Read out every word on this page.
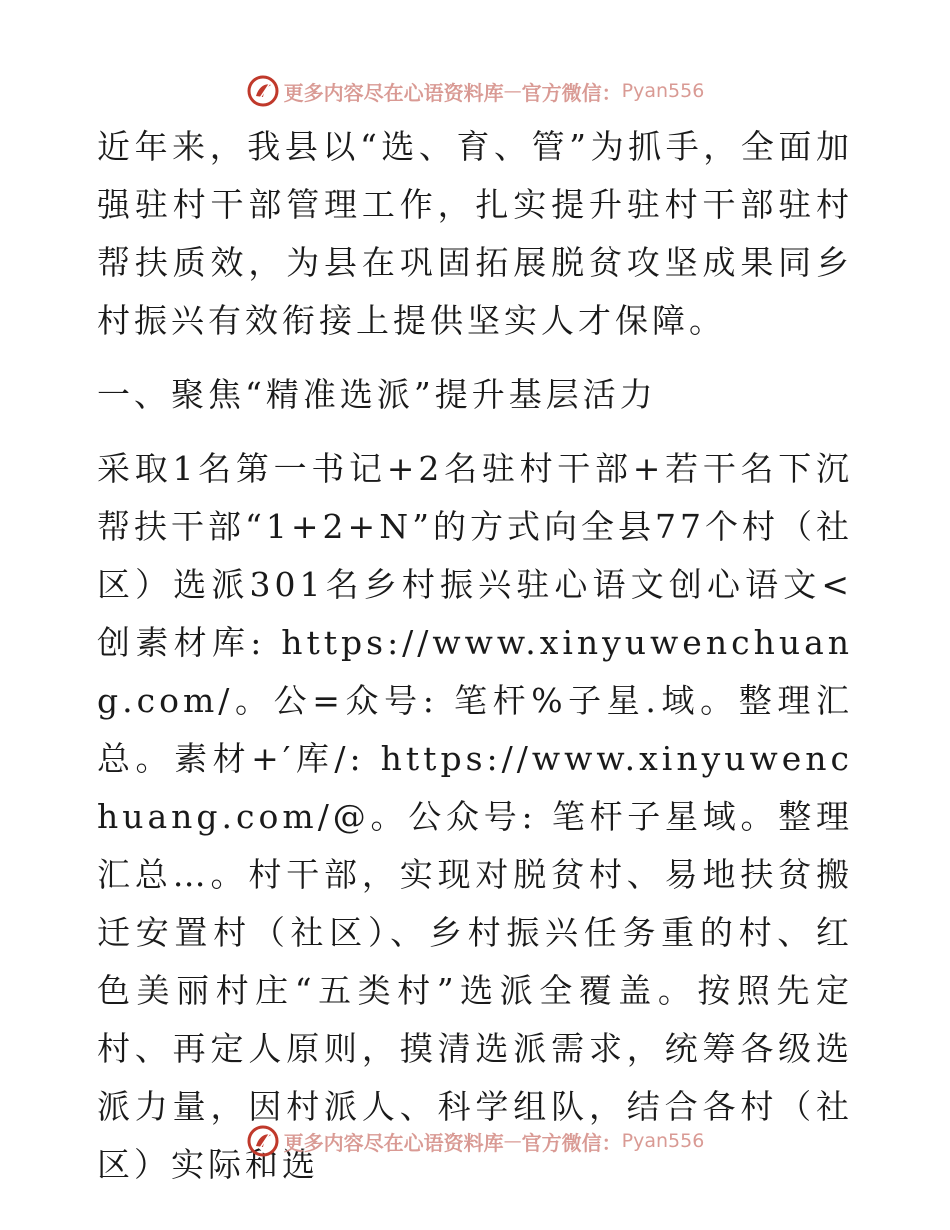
更多内容尽在心语资料库 — 官方微信： Pyan556

近年来，我县以“选、育、管”为抓手，全面加强驻村干部管理工作，扎实提升驻村干部驻村帮扶质效，为县在巩固拓展脱贫攻坚成果同乡村振兴有效衔接上提供坚实人才保障。

一、聚焦“精准选派”提升基层活力

采取1名第一书记+2名驻村干部+若干名下沉帮扶干部“1+2+N”的方式向全县77个村（社区）选派301名乡村振兴驻心语文创心语文<创素材库: https://www.xinyuwenchuang.com/。公=众号: 笔杆%子星.域。整理汇总。素材+′库/: https://www.xinyuwenchuang.com/@。公众号: 笔杆子星域。整理汇总…。村干部，实现对脱贫村、易地扶贫搬迁安置村（社区）、乡村振兴任务重的村、红色美丽村庄“五类村”选派全覆盖。按照先定村、再定人原则，摸清选派需求，统筹各级选派力量，因村派人、科学组队，结合各村（社区）实际和选

更多内容尽在心语资料库 — 官方微信： Pyan556
